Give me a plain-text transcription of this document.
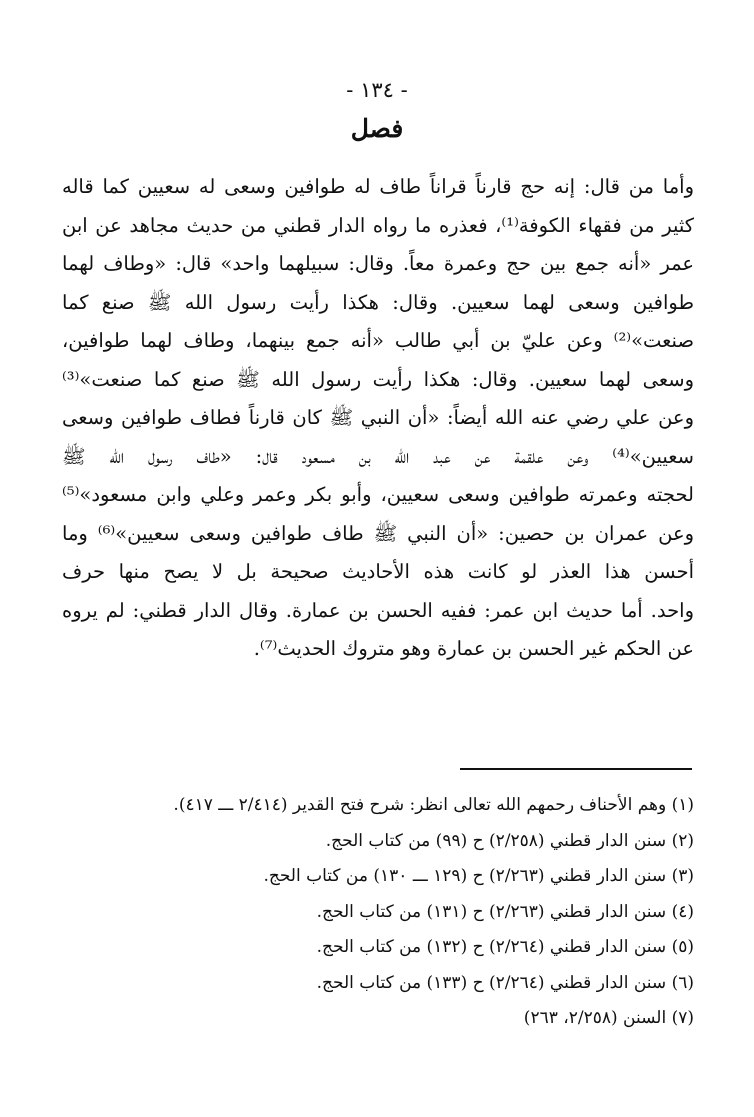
- ١٣٤ -
فصل
وأما من قال: إنه حج قارناً قراناً طاف له طوافين وسعى له سعيين كما قاله
كثير من فقهاء الكوفة⁽¹⁾، فعذره ما رواه الدار قطني من حديث مجاهد عن ابن
عمر «أنه جمع بين حج وعمرة معاً. وقال: سبيلهما واحد» قال: «وطاف لهما
طوافين وسعى لهما سعيين. وقال: هكذا رأيت رسول الله ﷺ صنع كما
صنعت»⁽²⁾ وعن عليّ بن أبي طالب «أنه جمع بينهما، وطاف لهما طوافين،
وسعى لهما سعيين. وقال: هكذا رأيت رسول الله ﷺ صنع كما صنعت»⁽³⁾
وعن علي رضي عنه الله أيضاً: «أن النبي ﷺ كان قارناً فطاف طوافين وسعى
سعيين»⁽⁴⁾ وعن علقمة عن عبد الله بن مسعود قال: «طاف رسول الله ﷺ
لحجته وعمرته طوافين وسعى سعيين، وأبو بكر وعمر وعلي وابن مسعود»⁽⁵⁾
وعن عمران بن حصين: «أن النبي ﷺ طاف طوافين وسعى سعيين»⁽⁶⁾ وما
أحسن هذا العذر لو كانت هذه الأحاديث صحيحة بل لا يصح منها حرف
واحد. أما حديث ابن عمر: ففيه الحسن بن عمارة. وقال الدار قطني: لم يروه
عن الحكم غير الحسن بن عمارة وهو متروك الحديث⁽⁷⁾.
(١) وهم الأحناف رحمهم الله تعالى انظر: شرح فتح القدير (٢/٤١٤ ـــ ٤١٧).
(٢) سنن الدار قطني (٢/٢٥٨) ح (٩٩) من كتاب الحج.
(٣) سنن الدار قطني (٢/٢٦٣) ح (١٢٩ ـــ ١٣٠) من كتاب الحج.
(٤) سنن الدار قطني (٢/٢٦٣) ح (١٣١) من كتاب الحج.
(٥) سنن الدار قطني (٢/٢٦٤) ح (١٣٢) من كتاب الحج.
(٦) سنن الدار قطني (٢/٢٦٤) ح (١٣٣) من كتاب الحج.
(٧) السنن (٢/٢٥٨، ٢٦٣)
